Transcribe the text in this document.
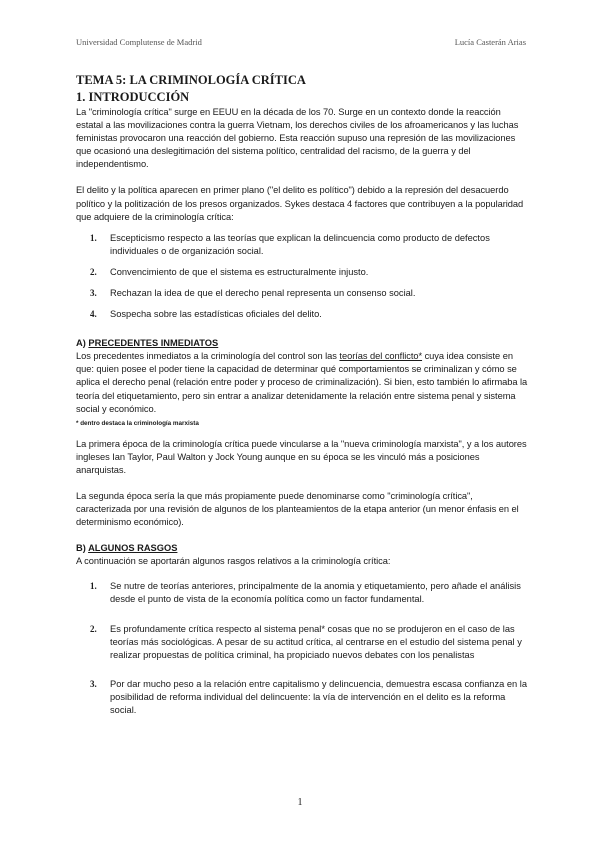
Universidad Complutense de Madrid	Lucía Casterán Arias
TEMA 5: LA CRIMINOLOGÍA CRÍTICA
1. INTRODUCCIÓN

La "criminología crítica" surge en EEUU en la década de los 70. Surge en un contexto donde la reacción estatal a las movilizaciones contra la guerra Vietnam, los derechos civiles de los afroamericanos y las luchas feministas provocaron una reacción del gobierno. Esta reacción supuso una represión de las movilizaciones que ocasionó una deslegitimación del sistema político, centralidad del racismo, de la guerra y del independentismo.

El delito y la política aparecen en primer plano ("el delito es político") debido a la represión del desacuerdo político y la politización de los presos organizados. Sykes destaca 4 factores que contribuyen a la popularidad que adquiere de la criminología crítica:

1.	Escepticismo respecto a las teorías que explican la delincuencia como producto de defectos individuales o de organización social.
2.	Convencimiento de que el sistema es estructuralmente injusto.
3.	Rechazan la idea de que el derecho penal representa un consenso social.
4.	Sospecha sobre las estadísticas oficiales del delito.
A) PRECEDENTES INMEDIATOS

Los precedentes inmediatos a la criminología del control son las teorías del conflicto* cuya idea consiste en que: quien posee el poder tiene la capacidad de determinar qué comportamientos se criminalizan y cómo se aplica el derecho penal (relación entre poder y proceso de criminalización). Si bien, esto también lo afirmaba la teoría del etiquetamiento, pero sin entrar a analizar detenidamente la relación entre sistema penal y sistema social y económico.

* dentro destaca la criminología marxista

La primera época de la criminología crítica puede vincularse a la "nueva criminología marxista", y a los autores ingleses Ian Taylor, Paul Walton y Jock Young aunque en su época se les vinculó más a posiciones anarquistas.

La segunda época sería la que más propiamente puede denominarse como "criminología crítica", caracterizada por una revisión de algunos de los planteamientos de la etapa anterior (un menor énfasis en el determinismo económico).

B) ALGUNOS RASGOS

A continuación se aportarán algunos rasgos relativos a la criminología crítica:

1.	Se nutre de teorías anteriores, principalmente de la anomia y etiquetamiento, pero añade el análisis desde el punto de vista de la economía política como un factor fundamental.
2.	Es profundamente crítica respecto al sistema penal* cosas que no se produjeron en el caso de las teorías más sociológicas. A pesar de su actitud crítica, al centrarse en el estudio del sistema penal y realizar propuestas de política criminal, ha propiciado nuevos debates con los penalistas
3.	Por dar mucho peso a la relación entre capitalismo y delincuencia, demuestra escasa confianza en la posibilidad de reforma individual del delincuente: la vía de intervención en el delito es la reforma social.
1
